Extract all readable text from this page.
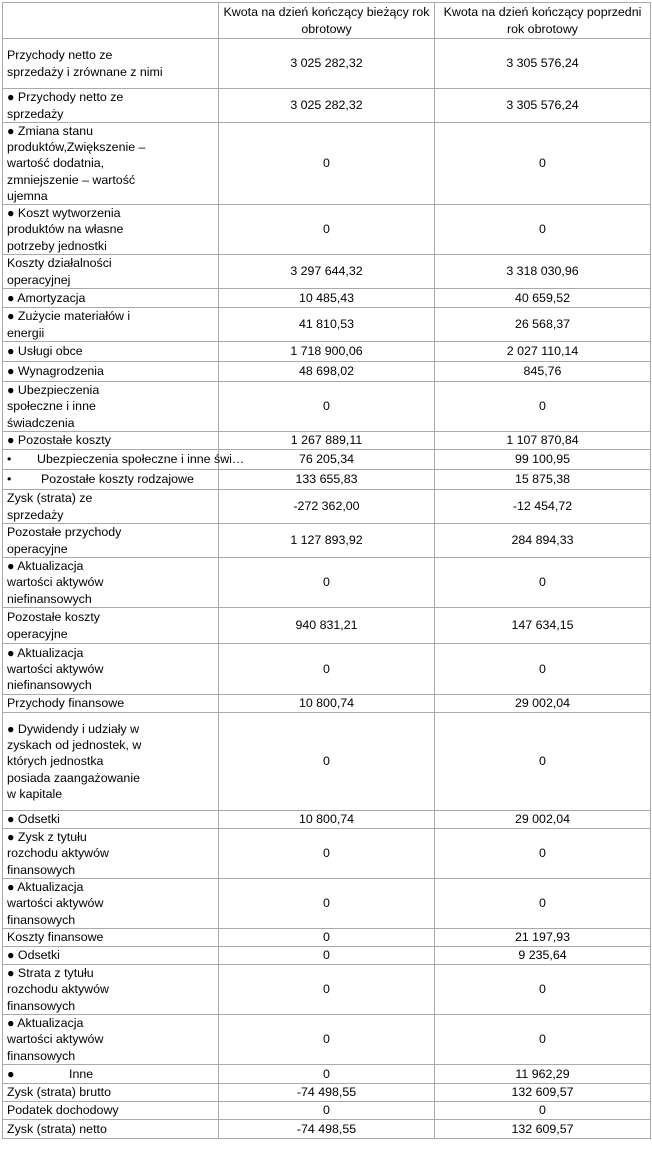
	Kwota na dzień kończący bieżący rok obrotowy	Kwota na dzień kończący poprzedni rok obrotowy
Przychody netto ze sprzedaży i zrównane z nimi	3 025 282,32	3 305 576,24
● Przychody netto ze sprzedaży	3 025 282,32	3 305 576,24
● Zmiana stanu produktów,Zwiększenie – wartość dodatnia, zmniejszenie – wartość ujemna	0	0
● Koszt wytworzenia produktów na własne potrzeby jednostki	0	0
Koszty działalności operacyjnej	3 297 644,32	3 318 030,96
● Amortyzacja	10 485,43	40 659,52
● Zużycie materiałów i energii	41 810,53	26 568,37
● Usługi obce	1 718 900,06	2 027 110,14
● Wynagrodzenia	48 698,02	845,76
● Ubezpieczenia społeczne i inne świadczenia	0	0
● Pozostałe koszty	1 267 889,11	1 107 870,84
• Ubezpieczenia społeczne i inne świ…	76 205,34	99 100,95
• Pozostałe koszty rodzajowe	133 655,83	15 875,38
Zysk (strata) ze sprzedaży	-272 362,00	-12 454,72
Pozostałe przychody operacyjne	1 127 893,92	284 894,33
● Aktualizacja wartości aktywów niefinansowych	0	0
Pozostałe koszty operacyjne	940 831,21	147 634,15
● Aktualizacja wartości aktywów niefinansowych	0	0
Przychody finansowe	10 800,74	29 002,04
● Dywidendy i udziały w zyskach od jednostek, w których jednostka posiada zaangażowanie w kapitale	0	0
● Odsetki	10 800,74	29 002,04
● Zysk z tytułu rozchodu aktywów finansowych	0	0
● Aktualizacja wartości aktywów finansowych	0	0
Koszty finansowe	0	21 197,93
● Odsetki	0	9 235,64
● Strata z tytułu rozchodu aktywów finansowych	0	0
● Aktualizacja wartości aktywów finansowych	0	0
● Inne	0	11 962,29
Zysk (strata) brutto	-74 498,55	132 609,57
Podatek dochodowy	0	0
Zysk (strata) netto	-74 498,55	132 609,57
